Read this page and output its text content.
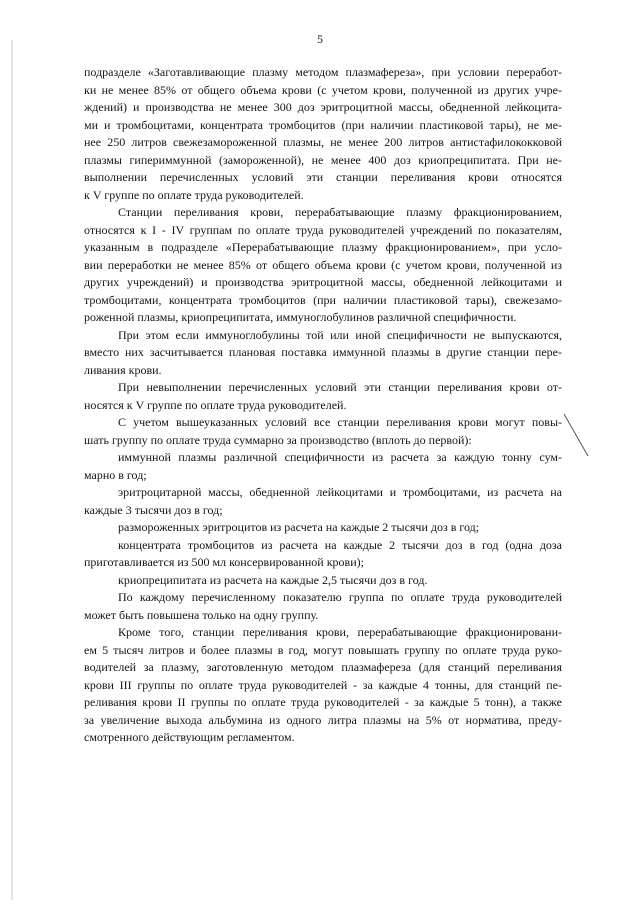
5
подразделе «Заготавливающие плазму методом плазмафереза», при условии переработ-
ки не менее 85% от общего объема крови (с учетом крови, полученной из других учре-
ждений) и производства не менее 300 доз эритроцитной массы, обедненной лейкоцита-
ми и тромбоцитами, концентрата тромбоцитов (при наличии пластиковой тары), не ме-
нее 250 литров свежезамороженной плазмы, не менее 200 литров антистафилококковой
плазмы гипериммунной (замороженной), не менее 400 доз криопреципитата. При не-
выполнении перечисленных условий эти станции переливания крови относятся
к V группе по оплате труда руководителей.
Станции переливания крови, перерабатывающие плазму фракционированием,
относятся к I - IV группам по оплате труда руководителей учреждений по показателям,
указанным в подразделе «Перерабатывающие плазму фракционированием», при усло-
вии переработки не менее 85% от общего объема крови (с учетом крови, полученной из
других учреждений) и производства эритроцитной массы, обедненной лейкоцитами и
тромбоцитами, концентрата тромбоцитов (при наличии пластиковой тары), свежезамо-
роженной плазмы, криопреципитата, иммуноглобулинов различной специфичности.
При этом если иммуноглобулины той или иной специфичности не выпускаются,
вместо них засчитывается плановая поставка иммунной плазмы в другие станции пере-
ливания крови.
При невыполнении перечисленных условий эти станции переливания крови от-
носятся к V группе по оплате труда руководителей.
С учетом вышеуказанных условий все станции переливания крови могут повы-
шать группу по оплате труда суммарно за производство (вплоть до первой):
иммунной плазмы различной специфичности из расчета за каждую тонну сум-
марно в год;
эритроцитарной массы, обедненной лейкоцитами и тромбоцитами, из расчета на
каждые 3 тысячи доз в год;
размороженных эритроцитов из расчета на каждые 2 тысячи доз в год;
концентрата тромбоцитов из расчета на каждые 2 тысячи доз в год (одна доза
приготавливается из 500 мл консервированной крови);
криопреципитата из расчета на каждые 2,5 тысячи доз в год.
По каждому перечисленному показателю группа по оплате труда руководителей
может быть повышена только на одну группу.
Кроме того, станции переливания крови, перерабатывающие фракционировани-
ем 5 тысяч литров и более плазмы в год, могут повышать группу по оплате труда руко-
водителей за плазму, заготовленную методом плазмафереза (для станций переливания
крови III группы по оплате труда руководителей - за каждые 4 тонны, для станций пе-
реливания крови II группы по оплате труда руководителей - за каждые 5 тонн), а также
за увеличение выхода альбумина из одного литра плазмы на 5% от норматива, преду-
смотренного действующим регламентом.
